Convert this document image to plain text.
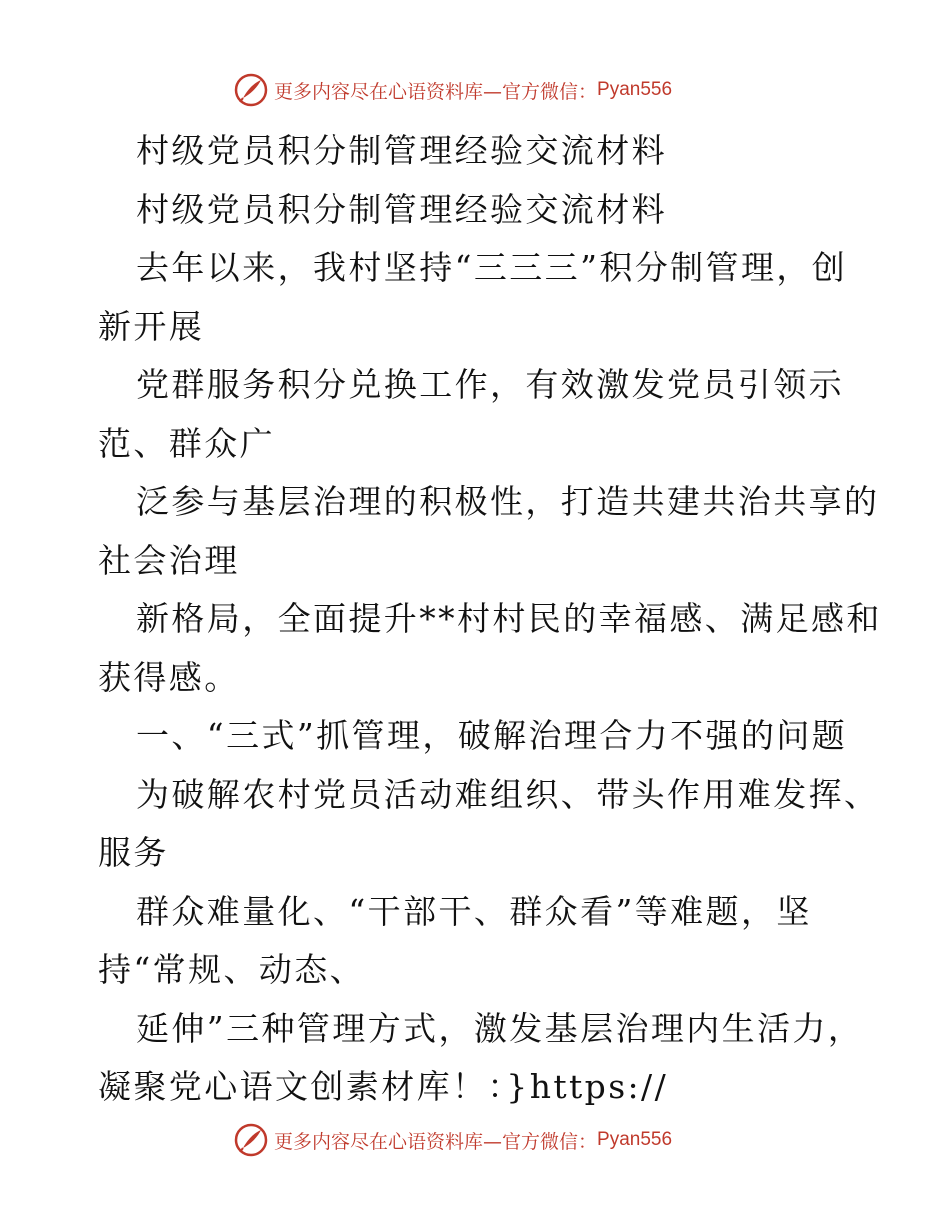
更多内容尽在心语资料库—官方微信： Pyan556
村级党员积分制管理经验交流材料
村级党员积分制管理经验交流材料
去年以来，我村坚持“三三三”积分制管理，创
新开展
党群服务积分兑换工作，有效激发党员引领示
范、群众广
泛参与基层治理的积极性，打造共建共治共享的
社会治理
新格局，全面提升**村村民的幸福感、满足感和
获得感。
一、“三式”抓管理，破解治理合力不强的问题
为破解农村党员活动难组织、带头作用难发挥、
服务
群众难量化、“干部干、群众看”等难题，坚
持“常规、动态、
延伸”三种管理方式，激发基层治理内生活力，
凝聚党心语文创素材库！：}https://
更多内容尽在心语资料库—官方微信： Pyan556
